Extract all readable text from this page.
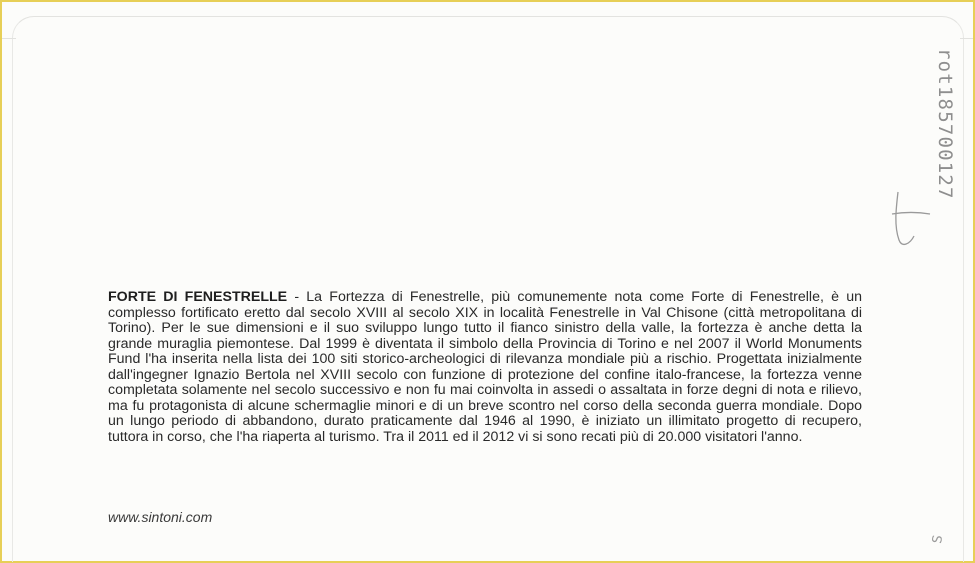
FORTE DI FENESTRELLE - La Fortezza di Fenestrelle, più comunemente nota come Forte di Fenestrelle, è un complesso fortificato eretto dal secolo XVIII al secolo XIX in località Fenestrelle in Val Chisone (città metropolitana di Torino). Per le sue dimensioni e il suo sviluppo lungo tutto il fianco sinistro della valle, la fortezza è anche detta la grande muraglia piemontese. Dal 1999 è diventata il simbolo della Provincia di Torino e nel 2007 il World Monuments Fund l'ha inserita nella lista dei 100 siti storico-archeologici di rilevanza mondiale più a rischio. Progettata inizialmente dall'ingegner Ignazio Bertola nel XVIII secolo con funzione di protezione del confine italo-francese, la fortezza venne completata solamente nel secolo successivo e non fu mai coinvolta in assedi o assaltata in forze degni di nota e rilievo, ma fu protagonista di alcune schermaglie minori e di un breve scontro nel corso della seconda guerra mondiale. Dopo un lungo periodo di abbandono, durato praticamente dal 1946 al 1990, è iniziato un illimitato progetto di recupero, tuttora in corso, che l'ha riaperta al turismo. Tra il 2011 ed il 2012 vi si sono recati più di 20.000 visitatori l'anno.

www.sintoni.com
rot185700127
S
